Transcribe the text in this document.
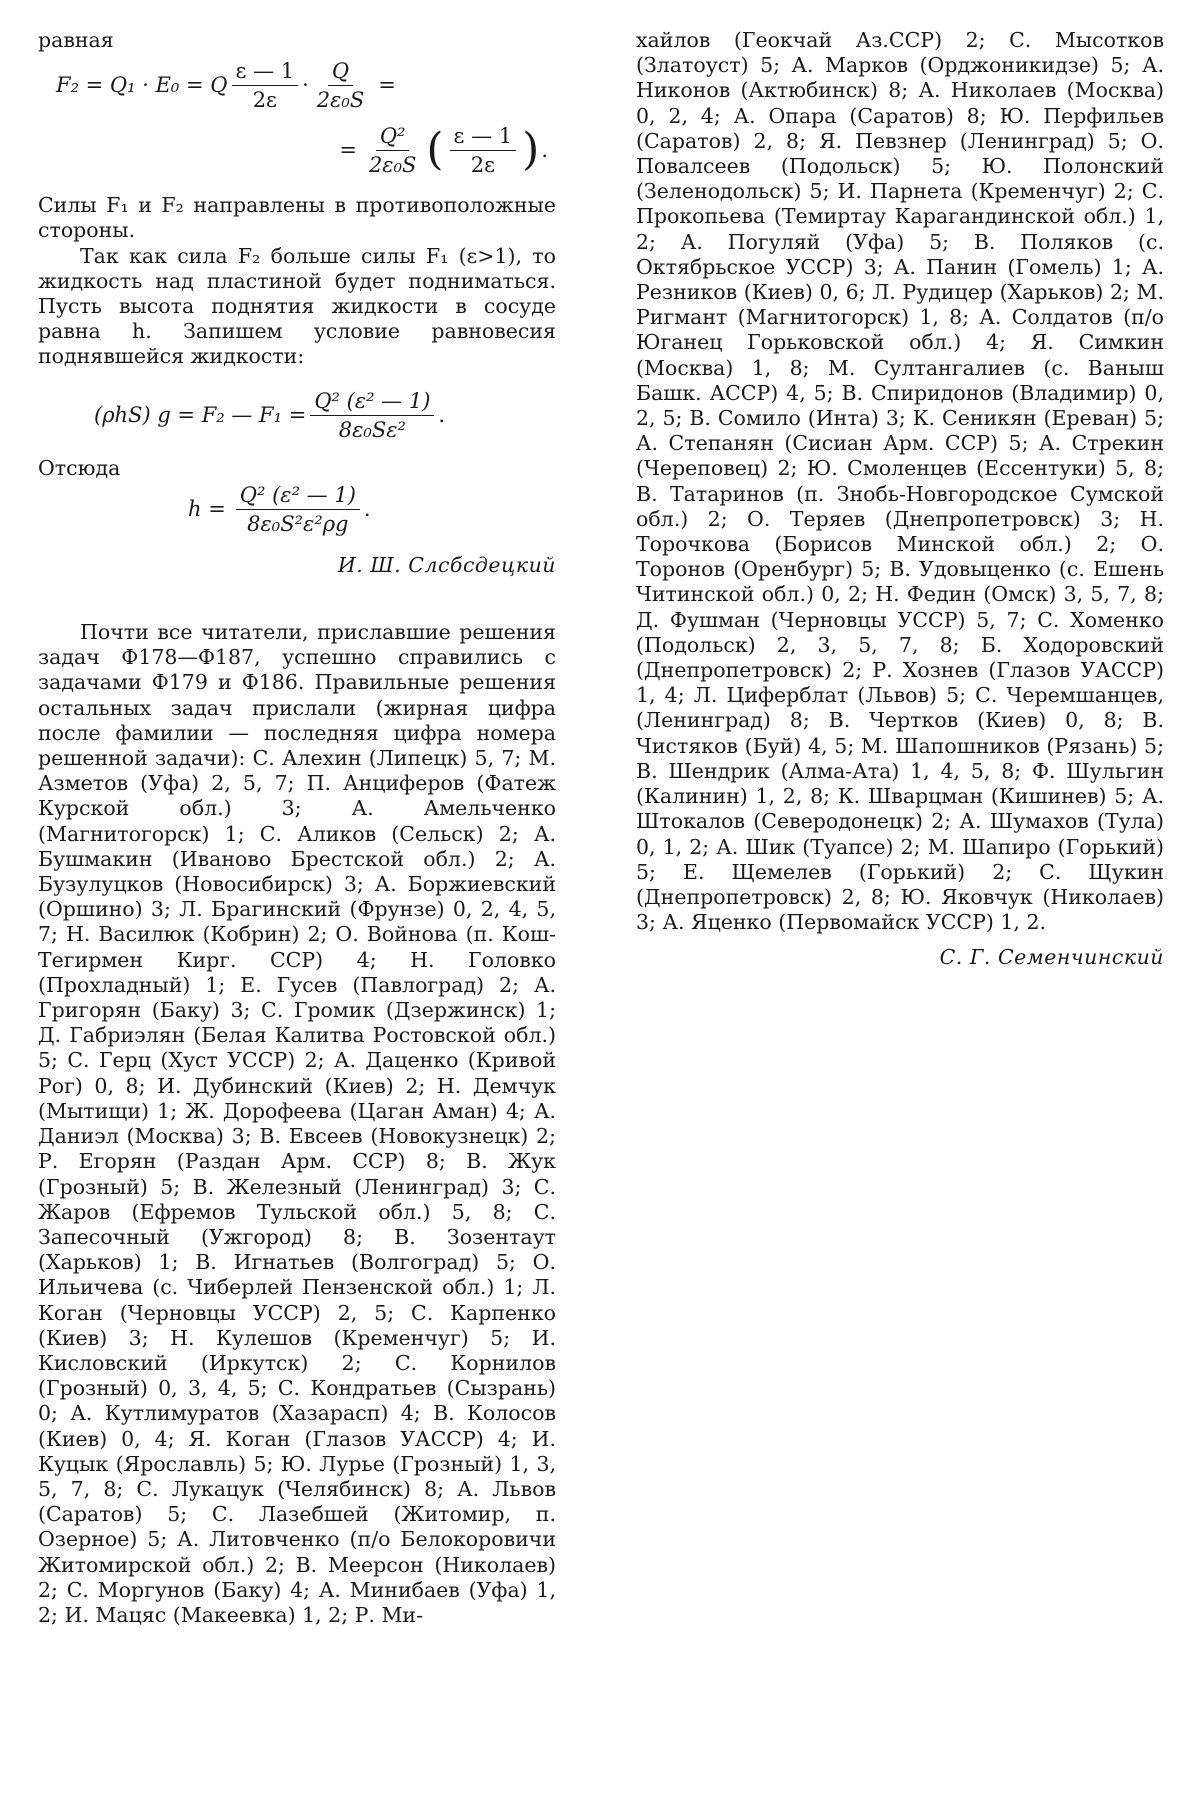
равная

F₂ = Q₁ · E₀ = Q $\frac{\varepsilon — 1}{2\varepsilon} \cdot \frac{Q}{\text{2ε₀S}}$ =
= $\frac{\text{Q²}}{\text{2ε₀S}}$ ( $\frac{\varepsilon — 1}{2\varepsilon}$ ) .

Силы F₁ и F₂ направлены в противоположные стороны.

Так как сила F₂ больше силы F₁ (ε>1), то жидкость над пластиной будет подниматься. Пусть высота поднятия жидкости в сосуде равна h. Запишем условие равновесия поднявшейся жидкости:

(ρhS) g = F₂ — $F_1 = \frac{\text{Q² (ε² — 1)}}{\text{8ε₀Sε²}}$ .

Отсюда

$h = \frac{\text{Q² (ε² — 1)}}{\text{8ε₀S²ε²ρg}}$ .

И. Ш. Слсбсдецкий

Почти все читатели, приславшие решения задач Ф178—Ф187, успешно справились с задачами Ф179 и Ф186. Правильные решения остальных задач прислали (жирная цифра после фамилии — последняя цифра номера решенной задачи): С. Алехин (Липецк) 5, 7; М. Азметов (Уфа) 2, 5, 7; П. Анциферов (Фатеж Курской обл.) 3; А. Амельченко (Магнитогорск) 1; С. Аликов (Сельск) 2; А. Бушмакин (Иваново Брестской обл.) 2; А. Бузулуцков (Новосибирск) 3; А. Боржиевский (Оршино) 3; Л. Брагинский (Фрунзе) 0, 2, 4, 5, 7; Н. Василюк (Кобрин) 2; О. Войнова (п. Кош-Тегирмен Кирг. ССР) 4; Н. Головко (Прохладный) 1; Е. Гусев (Павлоград) 2; А. Григорян (Баку) 3; С. Громик (Дзержинск) 1; Д. Габриэлян (Белая Калитва Ростовской обл.) 5; С. Герц (Хуст УССР) 2; А. Даценко (Кривой Рог) 0, 8; И. Дубинский (Киев) 2; Н. Демчук (Мытищи) 1; Ж. Дорофеева (Цаган Аман) 4; А. Даниэл (Москва) 3; В. Евсеев (Новокузнецк) 2; Р. Егорян (Раздан Арм. ССР) 8; В. Жук (Грозный) 5; В. Железный (Ленинград) 3; С. Жаров (Ефремов Тульской обл.) 5, 8; С. Запесочный (Ужгород) 8; В. Зозентаут (Харьков) 1; В. Игнатьев (Волгоград) 5; О. Ильичева (с. Чиберлей Пензенской обл.) 1; Л. Коган (Черновцы УССР) 2, 5; С. Карпенко (Киев) 3; Н. Кулешов (Кременчуг) 5; И. Кисловский (Иркутск) 2; С. Корнилов (Грозный) 0, 3, 4, 5; С. Кондратьев (Сызрань) 0; А. Кутлимуратов (Хазарасп) 4; В. Колосов (Киев) 0, 4; Я. Коган (Глазов УАССР) 4; И. Куцык (Ярославль) 5; Ю. Лурье (Грозный) 1, 3, 5, 7, 8; С. Лукацук (Челябинск) 8; А. Львов (Саратов) 5; С. Лазебшей (Житомир, п. Озерное) 5; А. Литовченко (п/о Белокоровичи Житомирской обл.) 2; В. Меерсон (Николаев) 2; С. Моргунов (Баку) 4; А. Минибаев (Уфа) 1, 2; И. Мацяс (Макеевка) 1, 2; Р. Ми-

хайлов (Геокчай Аз.ССР) 2; С. Мысотков (Златоуст) 5; А. Марков (Орджоникидзе) 5; А. Никонов (Актюбинск) 8; А. Николаев (Москва) 0, 2, 4; А. Опара (Саратов) 8; Ю. Перфильев (Саратов) 2, 8; Я. Певзнер (Ленинград) 5; О. Повалсеев (Подольск) 5; Ю. Полонский (Зеленодольск) 5; И. Парнета (Кременчуг) 2; С. Прокопьева (Темиртау Карагандинской обл.) 1, 2; А. Погуляй (Уфа) 5; В. Поляков (с. Октябрьское УССР) 3; А. Панин (Гомель) 1; А. Резников (Киев) 0, 6; Л. Рудицер (Харьков) 2; М. Ригмант (Магнитогорск) 1, 8; А. Солдатов (п/о Юганец Горьковской обл.) 4; Я. Симкин (Москва) 1, 8; М. Султангалиев (с. Ваныш Башк. АССР) 4, 5; В. Спиридонов (Владимир) 0, 2, 5; В. Сомило (Инта) 3; К. Сеникян (Ереван) 5; А. Степанян (Сисиан Арм. ССР) 5; А. Стрекин (Череповец) 2; Ю. Смоленцев (Ессентуки) 5, 8; В. Татаринов (п. Знобь-Новгородское Сумской обл.) 2; О. Теряев (Днепропетровск) 3; Н. Торочкова (Борисов Минской обл.) 2; О. Торонов (Оренбург) 5; В. Удовыценко (с. Ешень Читинской обл.) 0, 2; Н. Федин (Омск) 3, 5, 7, 8; Д. Фушман (Черновцы УССР) 5, 7; С. Хоменко (Подольск) 2, 3, 5, 7, 8; Б. Ходоровский (Днепропетровск) 2; Р. Хознев (Глазов УАССР) 1, 4; Л. Циферблат (Львов) 5; С. Черемшанцев,(Ленинград) 8; В. Чертков (Киев) 0, 8; В. Чистяков (Буй) 4, 5; М. Шапошников (Рязань) 5; В. Шендрик (Алма-Ата) 1, 4, 5, 8; Ф. Шульгин (Калинин) 1, 2, 8; К. Шварцман (Кишинев) 5; А. Штокалов (Северодонецк) 2; А. Шумахов (Тула) 0, 1, 2; А. Шик (Туапсе) 2; М. Шапиро (Горький) 5; Е. Щемелев (Горький) 2; С. Щукин (Днепропетровск) 2, 8; Ю. Яковчук (Николаев) 3; А. Яценко (Первомайск УССР) 1, 2.

С. Г. Семенчинский
